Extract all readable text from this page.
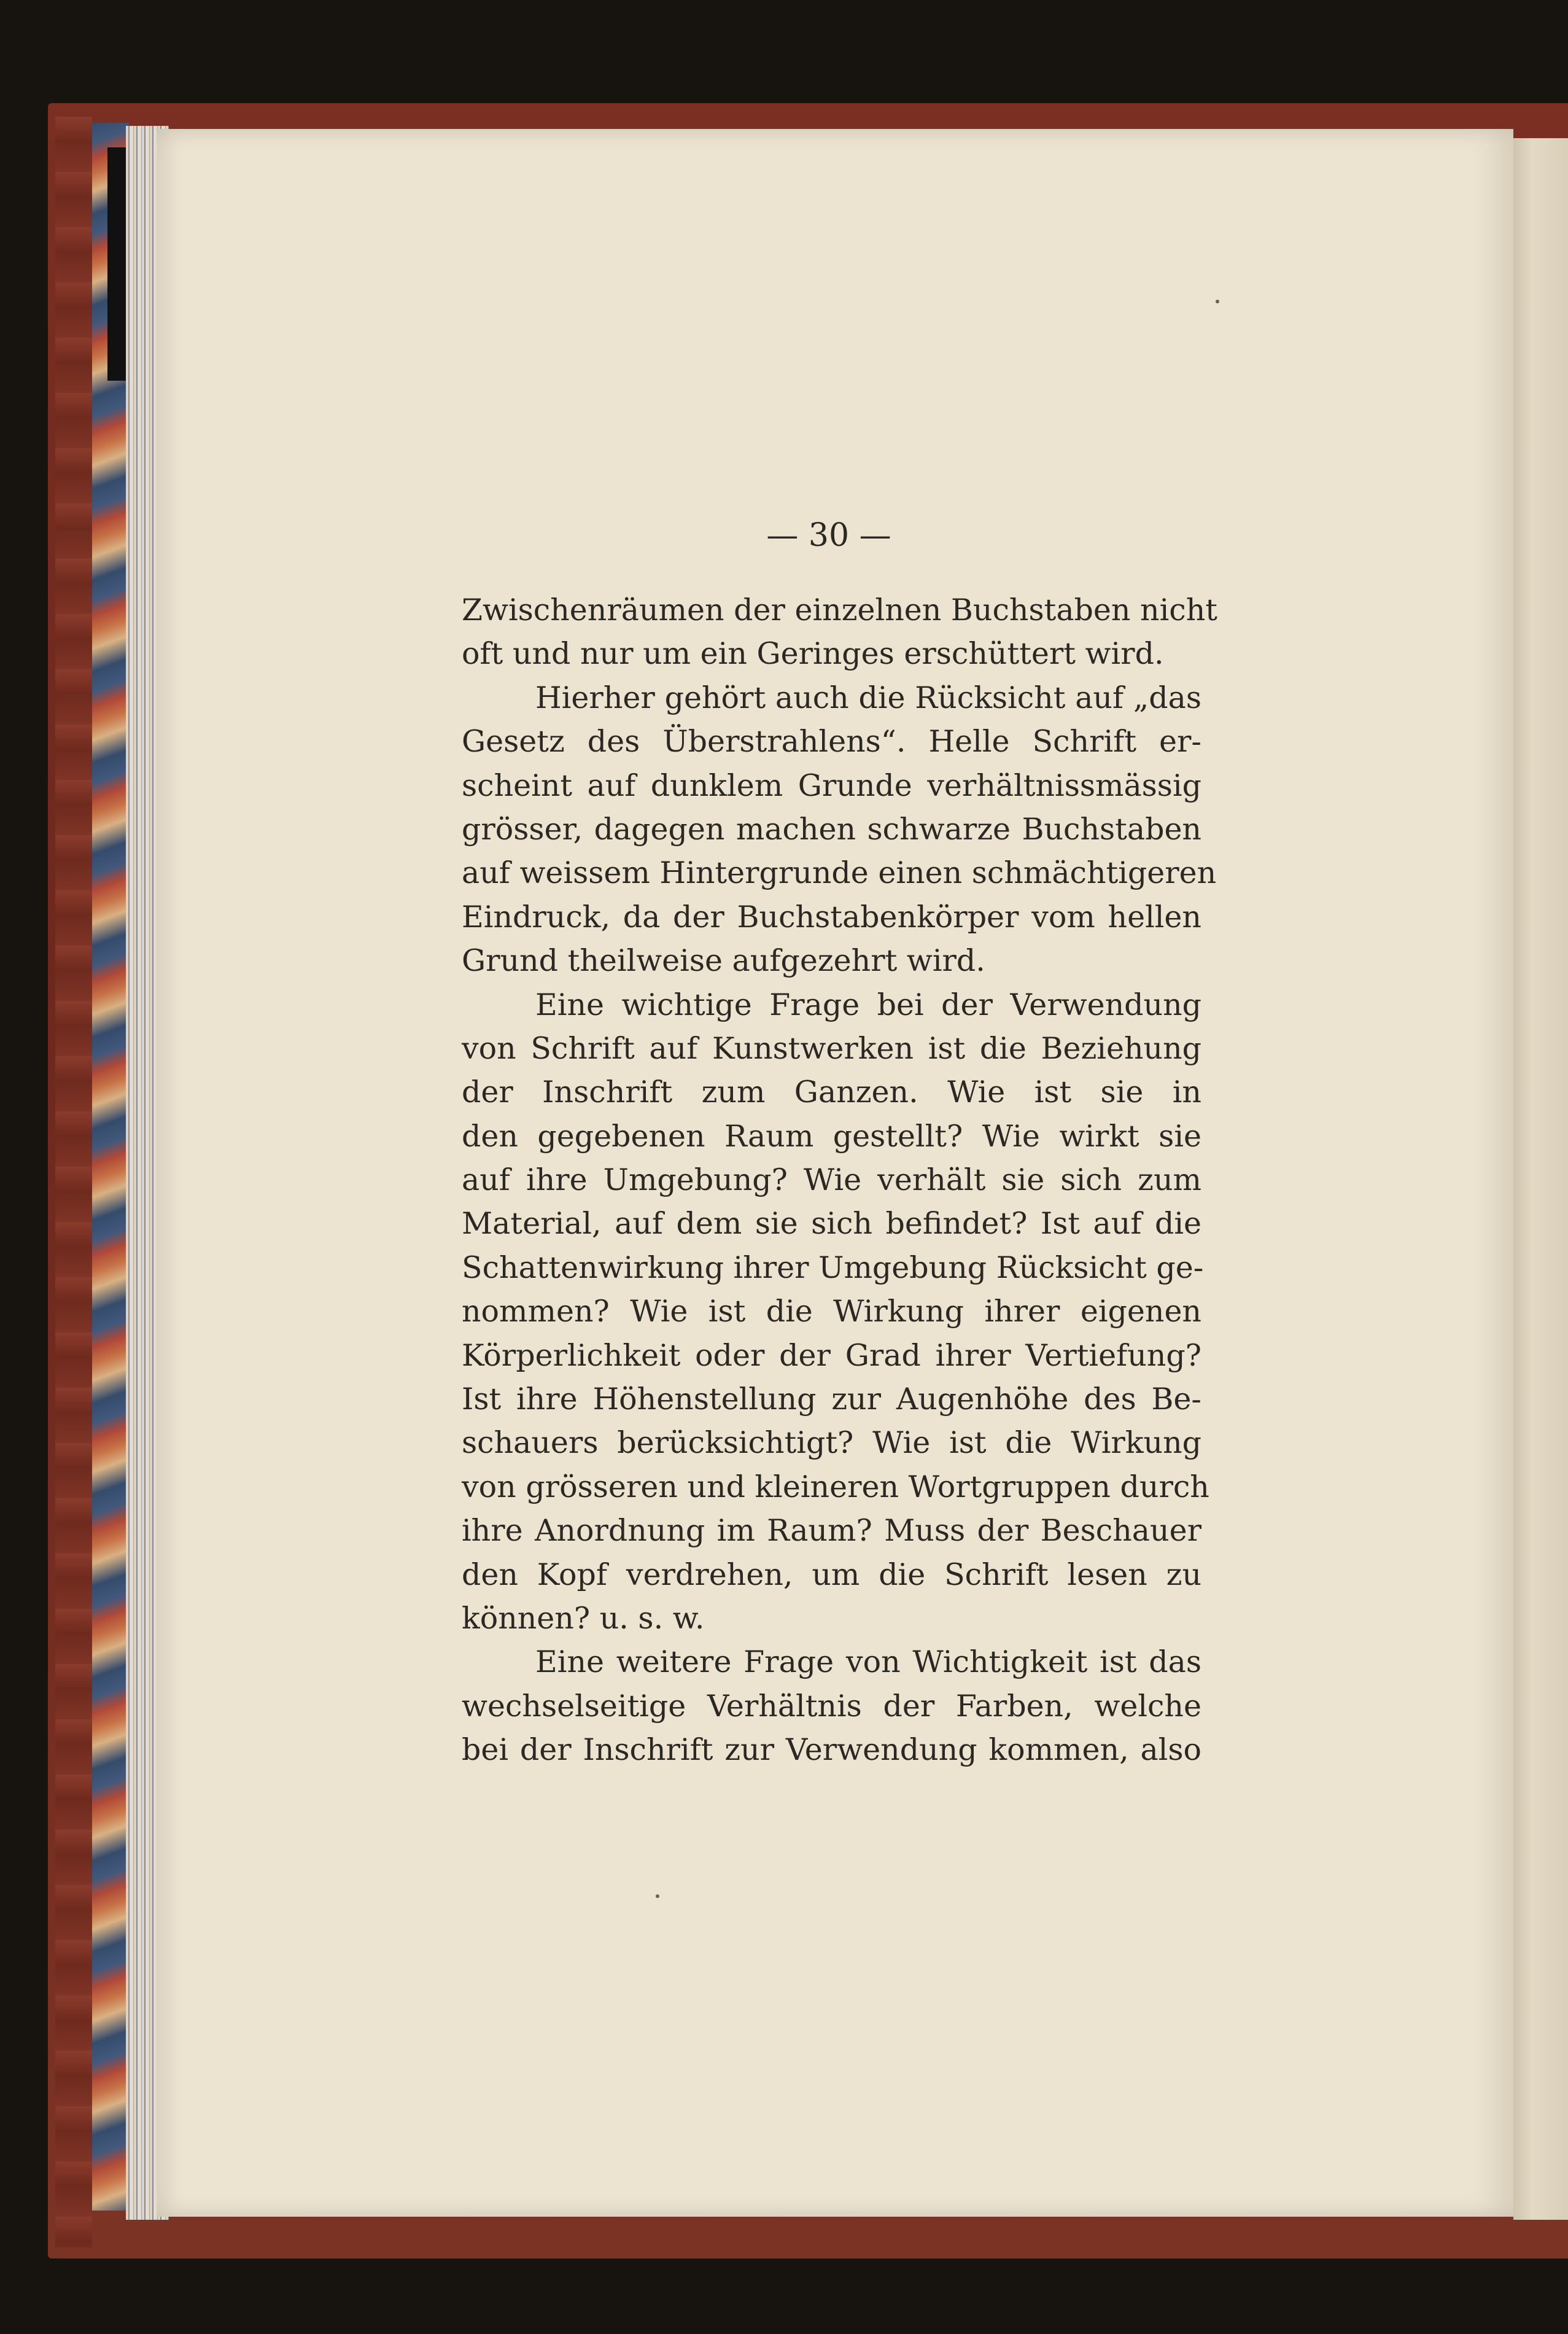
— 30 —
Zwischenräumen der einzelnen Buchstaben nicht
oft und nur um ein Geringes erschüttert wird.
Hierher gehört auch die Rücksicht auf „das
Gesetz des Überstrahlens“. Helle Schrift er-
scheint auf dunklem Grunde verhältnissmässig
grösser, dagegen machen schwarze Buchstaben
auf weissem Hintergrunde einen schmächtigeren
Eindruck, da der Buchstabenkörper vom hellen
Grund theilweise aufgezehrt wird.
Eine wichtige Frage bei der Verwendung
von Schrift auf Kunstwerken ist die Beziehung
der Inschrift zum Ganzen. Wie ist sie in
den gegebenen Raum gestellt? Wie wirkt sie
auf ihre Umgebung? Wie verhält sie sich zum
Material, auf dem sie sich befindet? Ist auf die
Schattenwirkung ihrer Umgebung Rücksicht ge-
nommen? Wie ist die Wirkung ihrer eigenen
Körperlichkeit oder der Grad ihrer Vertiefung?
Ist ihre Höhenstellung zur Augenhöhe des Be-
schauers berücksichtigt? Wie ist die Wirkung
von grösseren und kleineren Wortgruppen durch
ihre Anordnung im Raum? Muss der Beschauer
den Kopf verdrehen, um die Schrift lesen zu
können? u. s. w.
Eine weitere Frage von Wichtigkeit ist das
wechselseitige Verhältnis der Farben, welche
bei der Inschrift zur Verwendung kommen, also
